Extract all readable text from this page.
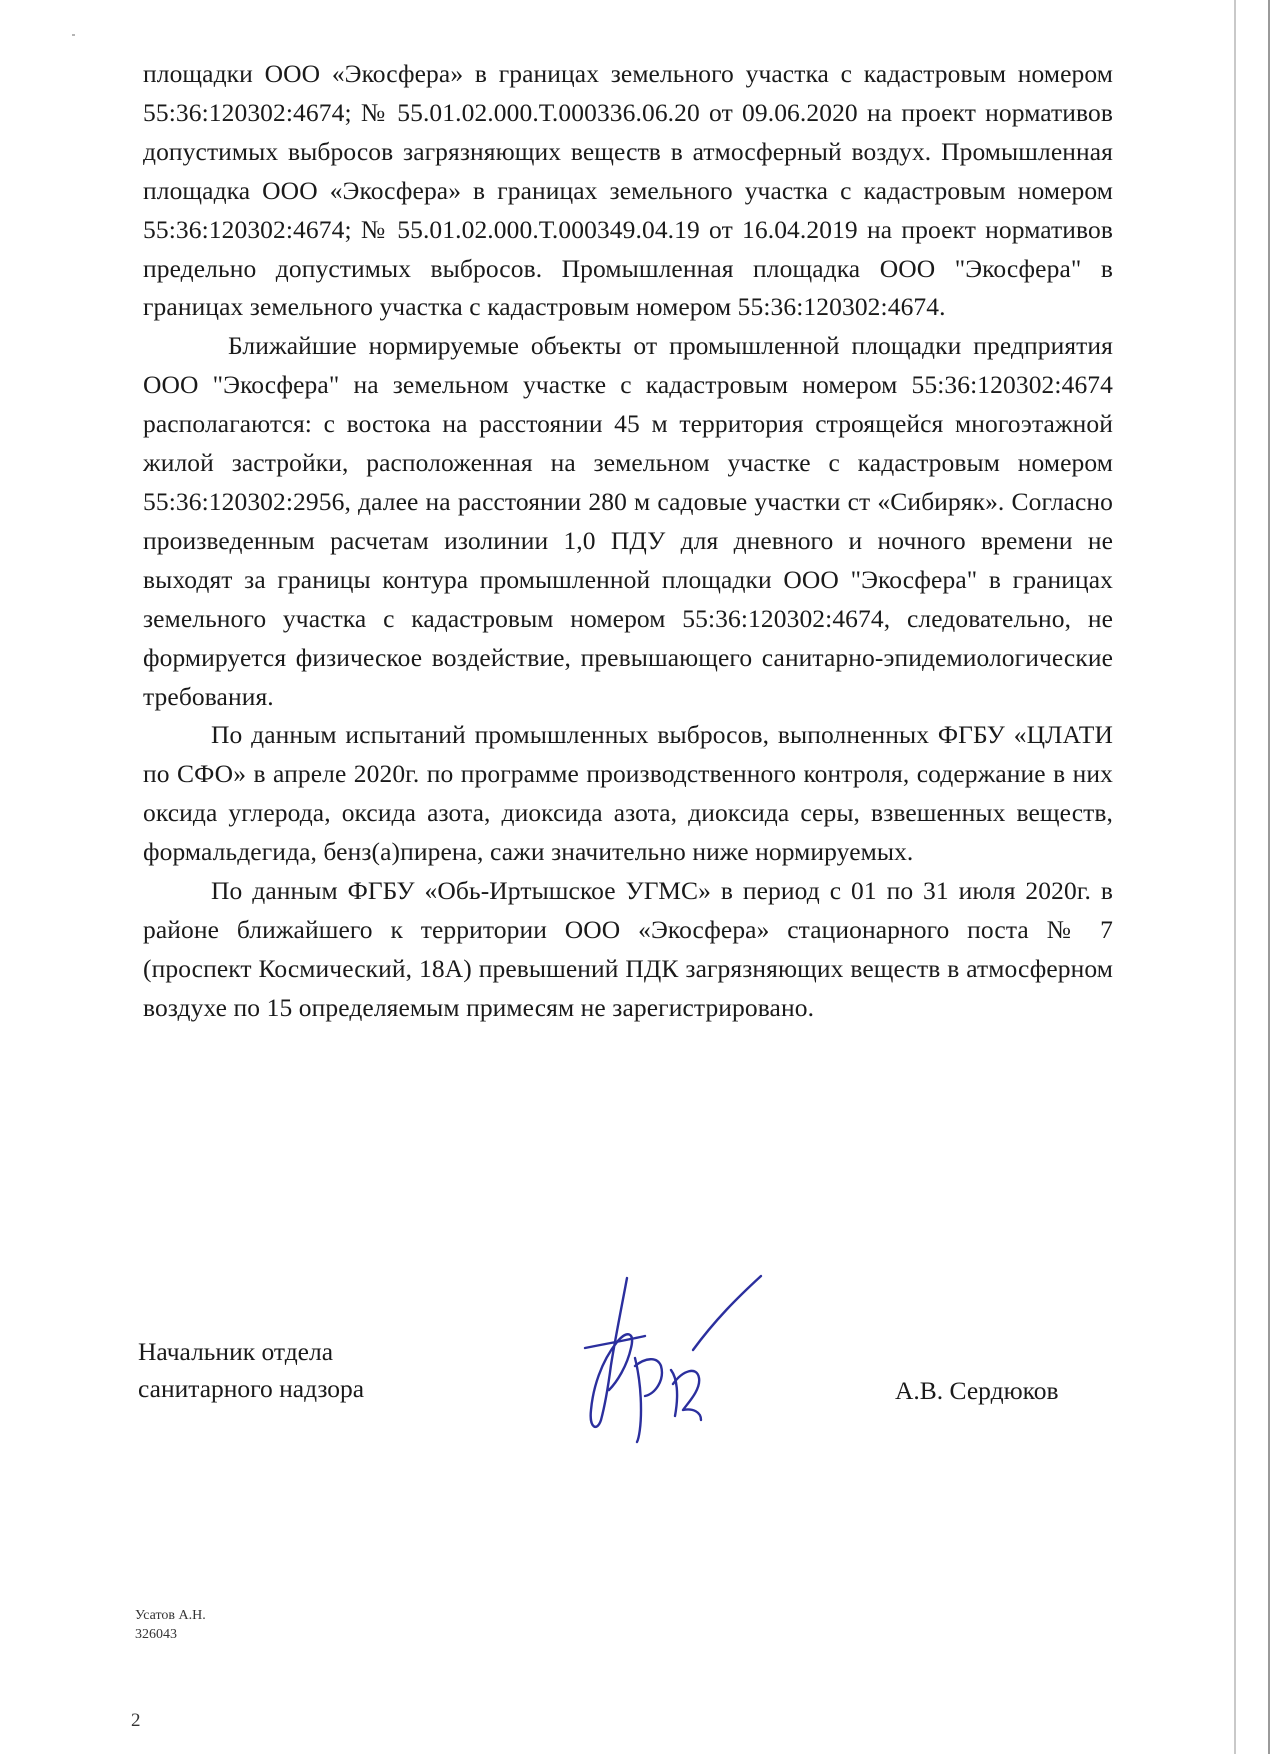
площадки ООО «Экосфера» в границах земельного участка с кадастровым номером 55:36:120302:4674; № 55.01.02.000.Т.000336.06.20 от 09.06.2020 на проект нормативов допустимых выбросов загрязняющих веществ в атмосферный воздух. Промышленная площадка ООО «Экосфера» в границах земельного участка с кадастровым номером 55:36:120302:4674; № 55.01.02.000.Т.000349.04.19 от 16.04.2019 на проект нормативов предельно допустимых выбросов. Промышленная площадка ООО "Экосфера" в границах земельного участка с кадастровым номером 55:36:120302:4674.

Ближайшие нормируемые объекты от промышленной площадки предприятия ООО "Экосфера" на земельном участке с кадастровым номером 55:36:120302:4674 располагаются: с востока на расстоянии 45 м территория строящейся многоэтажной жилой застройки, расположенная на земельном участке с кадастровым номером 55:36:120302:2956, далее на расстоянии 280 м садовые участки ст «Сибиряк». Согласно произведенным расчетам изолинии 1,0 ПДУ для дневного и ночного времени не выходят за границы контура промышленной площадки ООО "Экосфера" в границах земельного участка с кадастровым номером 55:36:120302:4674, следовательно, не формируется физическое воздействие, превышающего санитарно-эпидемиологические требования.

По данным испытаний промышленных выбросов, выполненных ФГБУ «ЦЛАТИ по СФО» в апреле 2020г. по программе производственного контроля, содержание в них оксида углерода, оксида азота, диоксида азота, диоксида серы, взвешенных веществ, формальдегида, бенз(а)пирена, сажи значительно ниже нормируемых.

По данным ФГБУ «Обь-Иртышское УГМС» в период с 01 по 31 июля 2020г. в районе ближайшего к территории ООО «Экосфера» стационарного поста № 7 (проспект Космический, 18А) превышений ПДК загрязняющих веществ в атмосферном воздухе по 15 определяемым примесям не зарегистрировано.

Начальник отдела
санитарного надзора	А.В. Сердюков
Усатов А.Н.
326043
2
